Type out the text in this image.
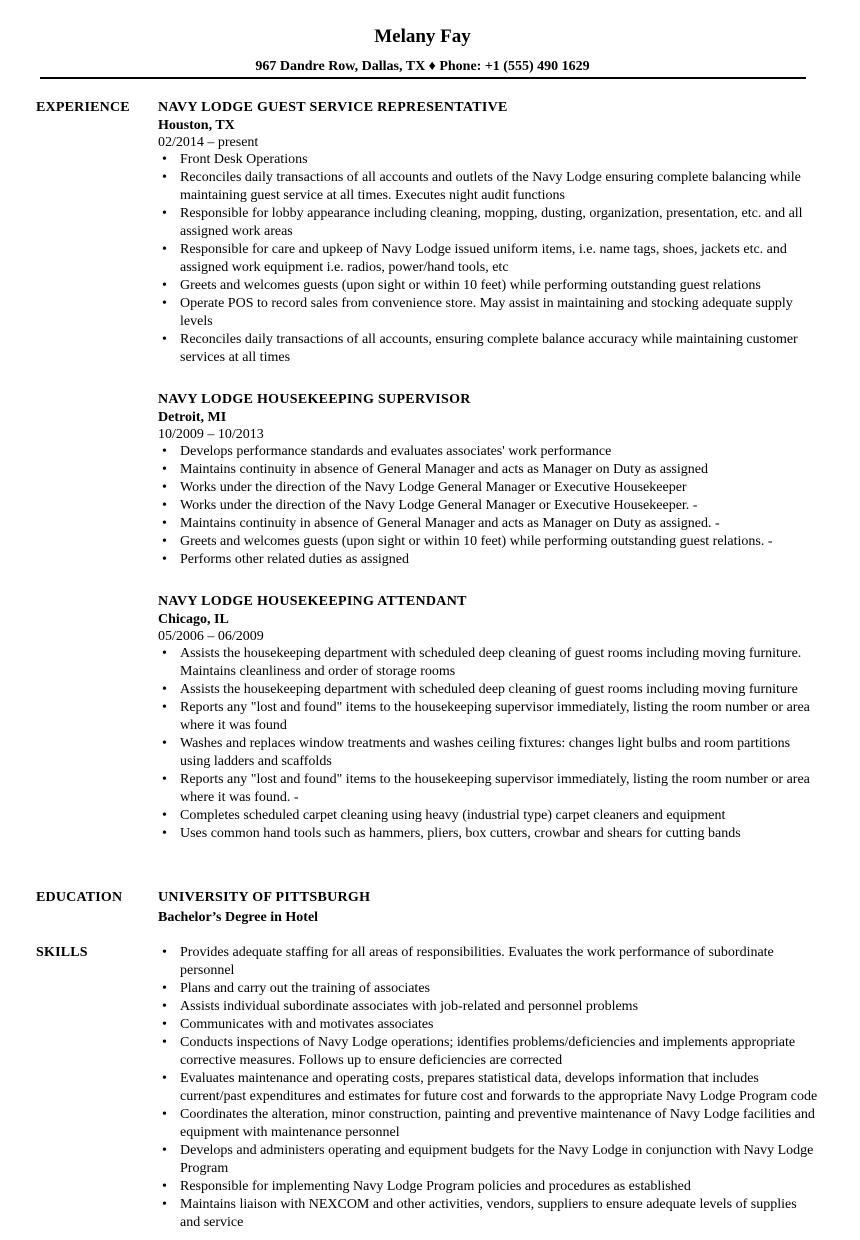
Melany Fay
967 Dandre Row, Dallas, TX ♦ Phone: +1 (555) 490 1629
EXPERIENCE NAVY LODGE GUEST SERVICE REPRESENTATIVE
Houston, TX
02/2014 – present
• Front Desk Operations
• Reconciles daily transactions of all accounts and outlets of the Navy Lodge ensuring complete balancing while maintaining guest service at all times. Executes night audit functions
• Responsible for lobby appearance including cleaning, mopping, dusting, organization, presentation, etc. and all assigned work areas
• Responsible for care and upkeep of Navy Lodge issued uniform items, i.e. name tags, shoes, jackets etc. and assigned work equipment i.e. radios, power/hand tools, etc
• Greets and welcomes guests (upon sight or within 10 feet) while performing outstanding guest relations
• Operate POS to record sales from convenience store. May assist in maintaining and stocking adequate supply levels
• Reconciles daily transactions of all accounts, ensuring complete balance accuracy while maintaining customer services at all times
NAVY LODGE HOUSEKEEPING SUPERVISOR
Detroit, MI
10/2009 – 10/2013
• Develops performance standards and evaluates associates' work performance
• Maintains continuity in absence of General Manager and acts as Manager on Duty as assigned
• Works under the direction of the Navy Lodge General Manager or Executive Housekeeper
• Works under the direction of the Navy Lodge General Manager or Executive Housekeeper. -
• Maintains continuity in absence of General Manager and acts as Manager on Duty as assigned. -
• Greets and welcomes guests (upon sight or within 10 feet) while performing outstanding guest relations. -
• Performs other related duties as assigned
NAVY LODGE HOUSEKEEPING ATTENDANT
Chicago, IL
05/2006 – 06/2009
• Assists the housekeeping department with scheduled deep cleaning of guest rooms including moving furniture. Maintains cleanliness and order of storage rooms
• Assists the housekeeping department with scheduled deep cleaning of guest rooms including moving furniture
• Reports any "lost and found" items to the housekeeping supervisor immediately, listing the room number or area where it was found
• Washes and replaces window treatments and washes ceiling fixtures: changes light bulbs and room partitions using ladders and scaffolds
• Reports any "lost and found" items to the housekeeping supervisor immediately, listing the room number or area where it was found. -
• Completes scheduled carpet cleaning using heavy (industrial type) carpet cleaners and equipment
• Uses common hand tools such as hammers, pliers, box cutters, crowbar and shears for cutting bands
EDUCATION	UNIVERSITY OF PITTSBURGH
Bachelor’s Degree in Hotel
SKILLS	• Provides adequate staffing for all areas of responsibilities. Evaluates the work performance of subordinate personnel
• Plans and carry out the training of associates
• Assists individual subordinate associates with job-related and personnel problems
• Communicates with and motivates associates
• Conducts inspections of Navy Lodge operations; identifies problems/deficiencies and implements appropriate corrective measures. Follows up to ensure deficiencies are corrected
• Evaluates maintenance and operating costs, prepares statistical data, develops information that includes current/past expenditures and estimates for future cost and forwards to the appropriate Navy Lodge Program code
• Coordinates the alteration, minor construction, painting and preventive maintenance of Navy Lodge facilities and equipment with maintenance personnel
• Develops and administers operating and equipment budgets for the Navy Lodge in conjunction with Navy Lodge Program
• Responsible for implementing Navy Lodge Program policies and procedures as established
• Maintains liaison with NEXCOM and other activities, vendors, suppliers to ensure adequate levels of supplies and service
